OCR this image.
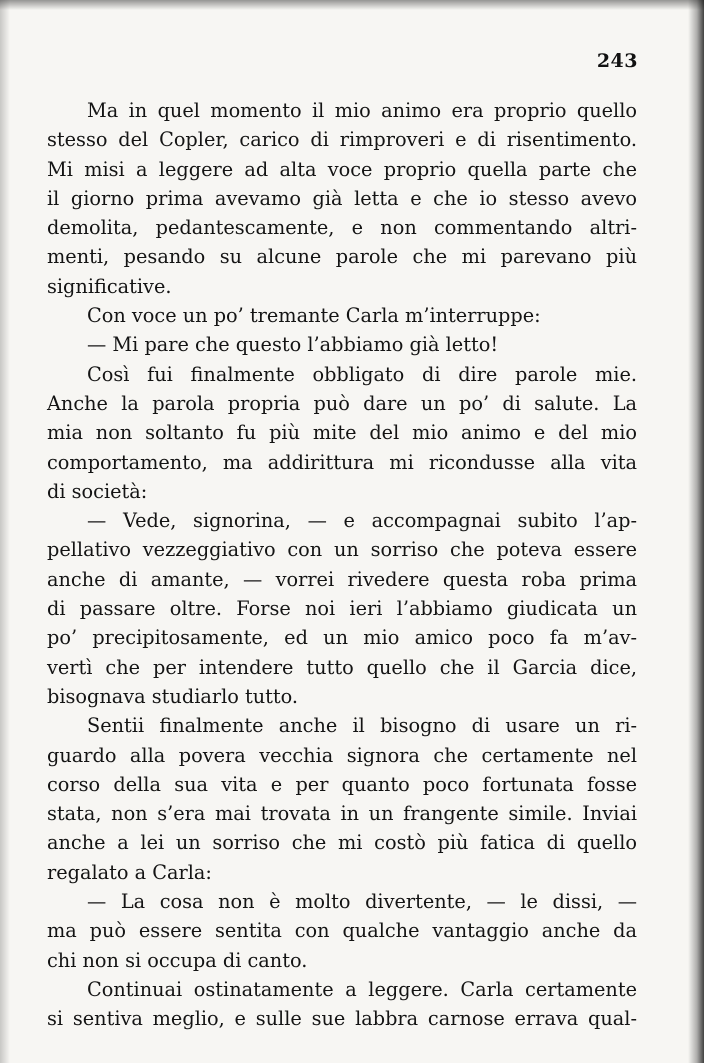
243
Ma in quel momento il mio animo era proprio quello
stesso del Copler, carico di rimproveri e di risentimento.
Mi misi a leggere ad alta voce proprio quella parte che
il giorno prima avevamo già letta e che io stesso avevo
demolita, pedantescamente, e non commentando altri-
menti, pesando su alcune parole che mi parevano più
significative.
Con voce un po’ tremante Carla m’interruppe:
— Mi pare che questo l’abbiamo già letto!
Così fui finalmente obbligato di dire parole mie.
Anche la parola propria può dare un po’ di salute. La
mia non soltanto fu più mite del mio animo e del mio
comportamento, ma addirittura mi ricondusse alla vita
di società:
— Vede, signorina, — e accompagnai subito l’ap-
pellativo vezzeggiativo con un sorriso che poteva essere
anche di amante, — vorrei rivedere questa roba prima
di passare oltre. Forse noi ieri l’abbiamo giudicata un
po’ precipitosamente, ed un mio amico poco fa m’av-
vertì che per intendere tutto quello che il Garcia dice,
bisognava studiarlo tutto.
Sentii finalmente anche il bisogno di usare un ri-
guardo alla povera vecchia signora che certamente nel
corso della sua vita e per quanto poco fortunata fosse
stata, non s’era mai trovata in un frangente simile. Inviai
anche a lei un sorriso che mi costò più fatica di quello
regalato a Carla:
— La cosa non è molto divertente, — le dissi, —
ma può essere sentita con qualche vantaggio anche da
chi non si occupa di canto.
Continuai ostinatamente a leggere. Carla certamente
si sentiva meglio, e sulle sue labbra carnose errava qual-
